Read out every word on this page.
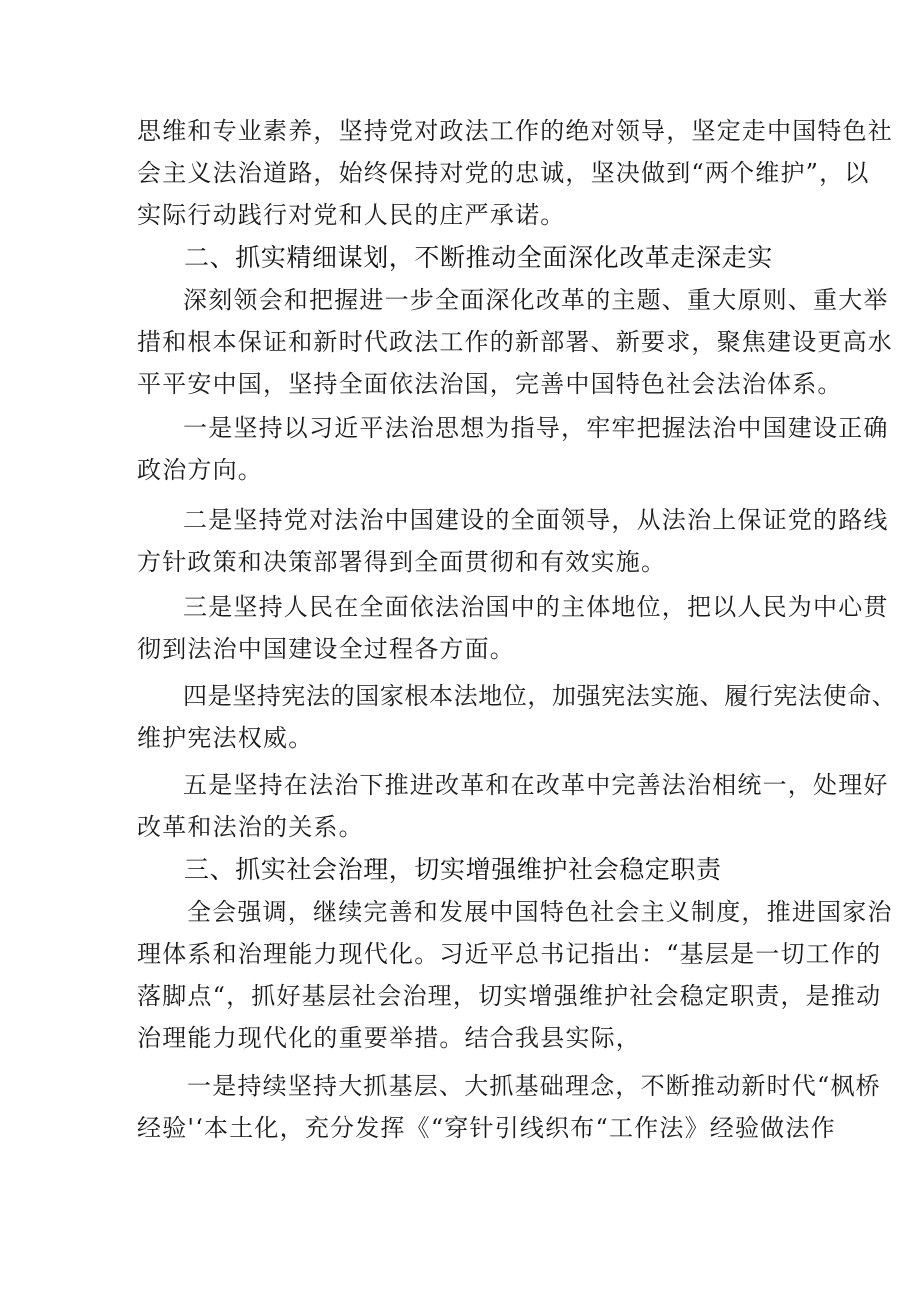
思维和专业素养，坚持党对政法工作的绝对领导，坚定走中国特色社
会主义法治道路，始终保持对党的忠诚，坚决做到“两个维护”，以
实际行动践行对党和人民的庄严承诺。
二、抓实精细谋划，不断推动全面深化改革走深走实
深刻领会和把握进一步全面深化改革的主题、重大原则、重大举
措和根本保证和新时代政法工作的新部署、新要求，聚焦建设更高水
平平安中国，坚持全面依法治国，完善中国特色社会法治体系。
一是坚持以习近平法治思想为指导，牢牢把握法治中国建设正确
政治方向。
二是坚持党对法治中国建设的全面领导，从法治上保证党的路线
方针政策和决策部署得到全面贯彻和有效实施。
三是坚持人民在全面依法治国中的主体地位，把以人民为中心贯
彻到法治中国建设全过程各方面。
四是坚持宪法的国家根本法地位，加强宪法实施、履行宪法使命、
维护宪法权威。
五是坚持在法治下推进改革和在改革中完善法治相统一，处理好
改革和法治的关系。
三、抓实社会治理，切实增强维护社会稳定职责
全会强调，继续完善和发展中国特色社会主义制度，推进国家治
理体系和治理能力现代化。习近平总书记指出：“基层是一切工作的
落脚点“，抓好基层社会治理，切实增强维护社会稳定职责，是推动
治理能力现代化的重要举措。结合我县实际，
一是持续坚持大抓基层、大抓基础理念，不断推动新时代“枫桥
经验'‘本土化，充分发挥《“穿针引线织布“工作法》经验做法作
